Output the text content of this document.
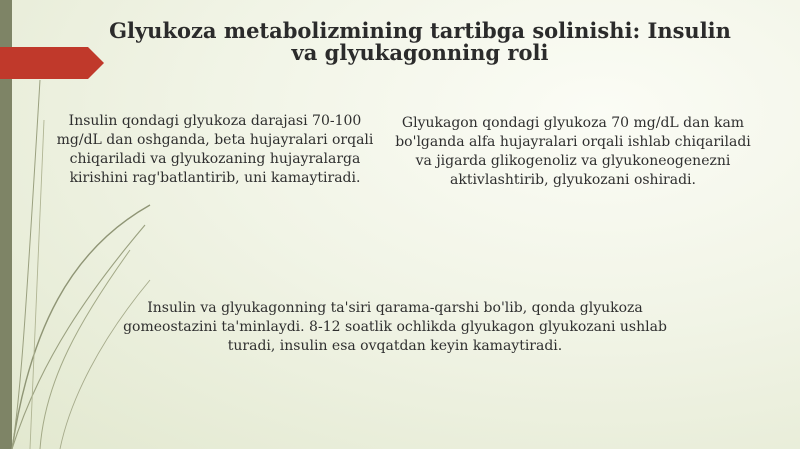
Glyukoza metabolizmining tartibga solinishi: Insulin va glyukagonning roli
Insulin qondagi glyukoza darajasi 70-100 mg/dL dan oshganda, beta hujayralari orqali chiqariladi va glyukozaning hujayralarga kirishini rag'batlantirib, uni kamaytiradi.
Glyukagon qondagi glyukoza 70 mg/dL dan kam bo'lganda alfa hujayralari orqali ishlab chiqariladi va jigarda glikogenoliz va glyukoneogenezni aktivlashtirib, glyukozani oshiradi.
Insulin va glyukagonning ta'siri qarama-qarshi bo'lib, qonda glyukoza gomeostazini ta'minlaydi. 8-12 soatlik ochlikda glyukagon glyukozani ushlab turadi, insulin esa ovqatdan keyin kamaytiradi.
